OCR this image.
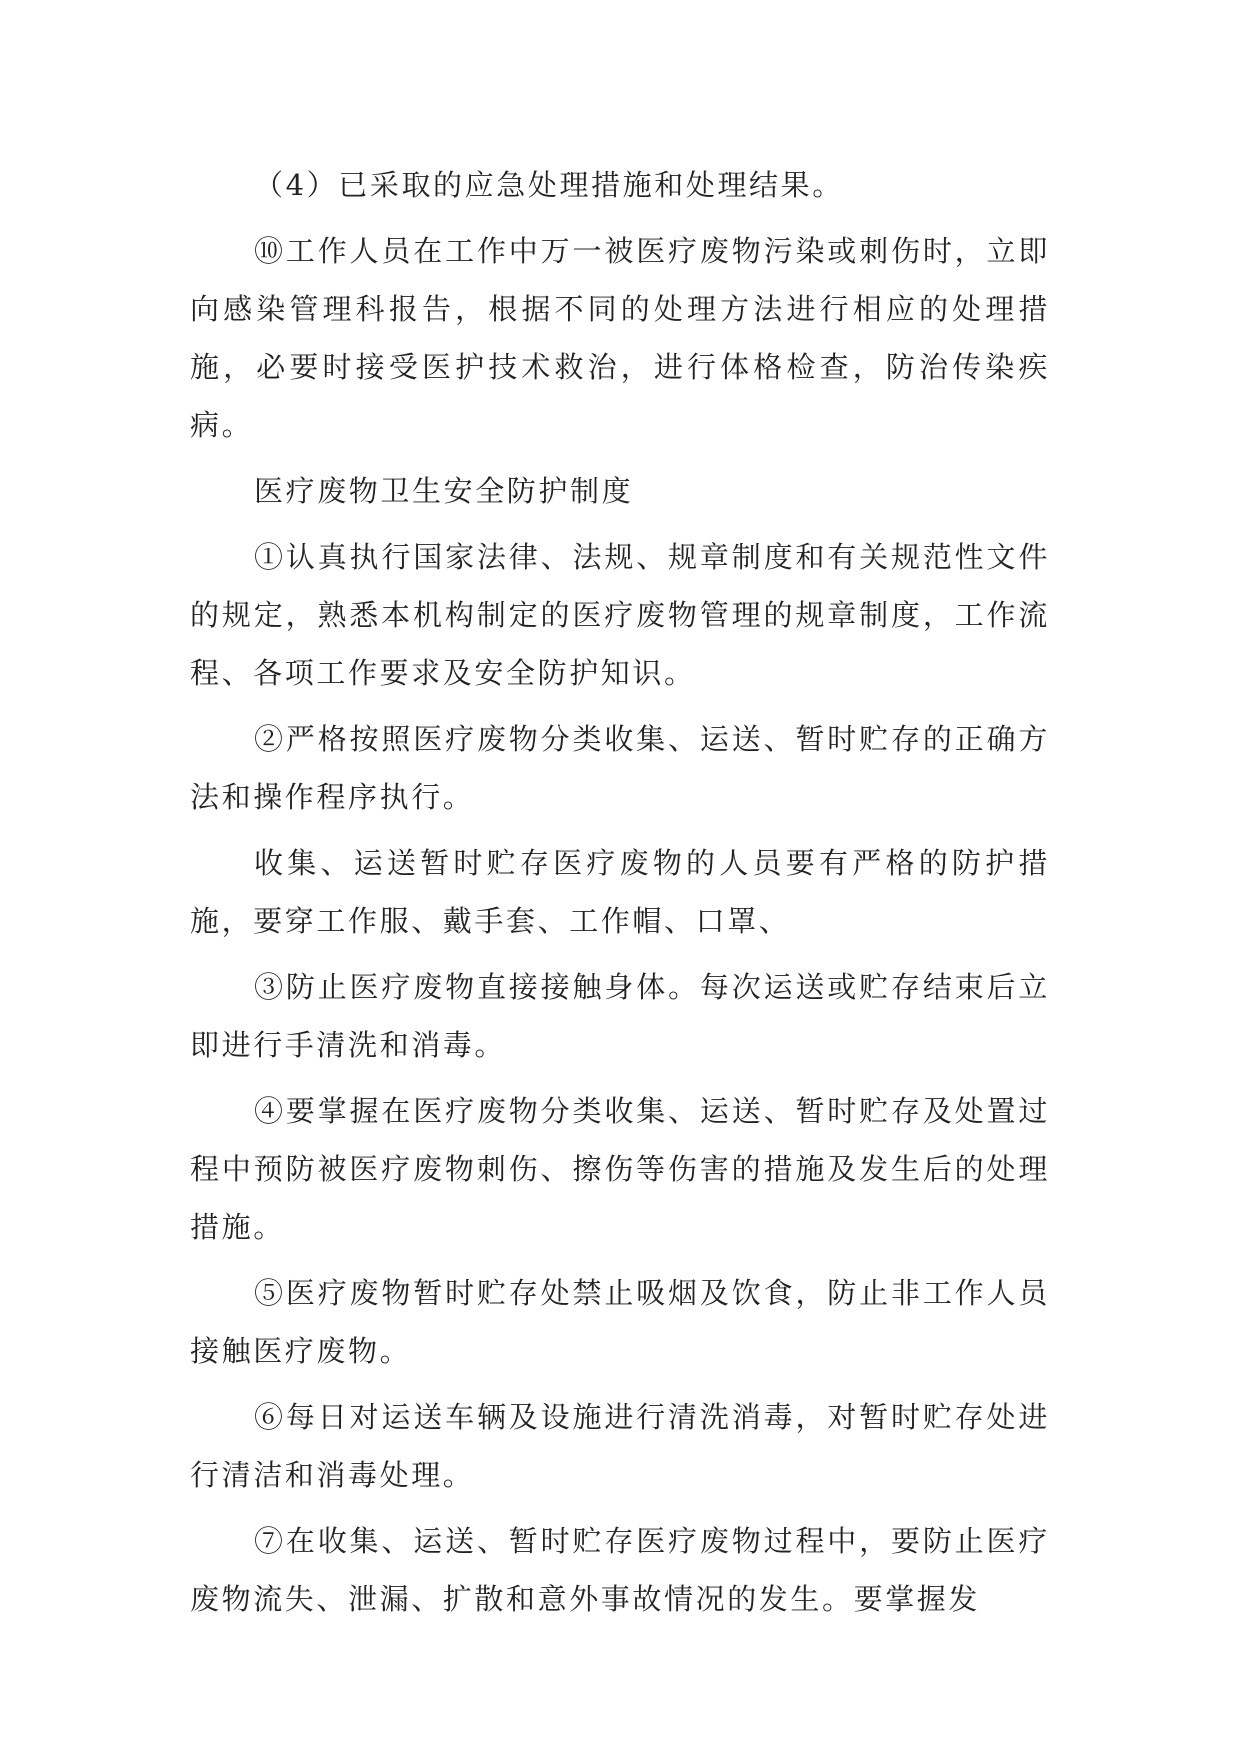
（4）已采取的应急处理措施和处理结果。

⑩工作人员在工作中万一被医疗废物污染或刺伤时，立即向感染管理科报告，根据不同的处理方法进行相应的处理措施，必要时接受医护技术救治，进行体格检查，防治传染疾病。

医疗废物卫生安全防护制度

①认真执行国家法律、法规、规章制度和有关规范性文件的规定，熟悉本机构制定的医疗废物管理的规章制度，工作流程、各项工作要求及安全防护知识。

②严格按照医疗废物分类收集、运送、暂时贮存的正确方法和操作程序执行。

收集、运送暂时贮存医疗废物的人员要有严格的防护措施，要穿工作服、戴手套、工作帽、口罩、

③防止医疗废物直接接触身体。每次运送或贮存结束后立即进行手清洗和消毒。

④要掌握在医疗废物分类收集、运送、暂时贮存及处置过程中预防被医疗废物刺伤、擦伤等伤害的措施及发生后的处理措施。

⑤医疗废物暂时贮存处禁止吸烟及饮食，防止非工作人员接触医疗废物。

⑥每日对运送车辆及设施进行清洗消毒，对暂时贮存处进行清洁和消毒处理。

⑦在收集、运送、暂时贮存医疗废物过程中，要防止医疗废物流失、泄漏、扩散和意外事故情况的发生。要掌握发
